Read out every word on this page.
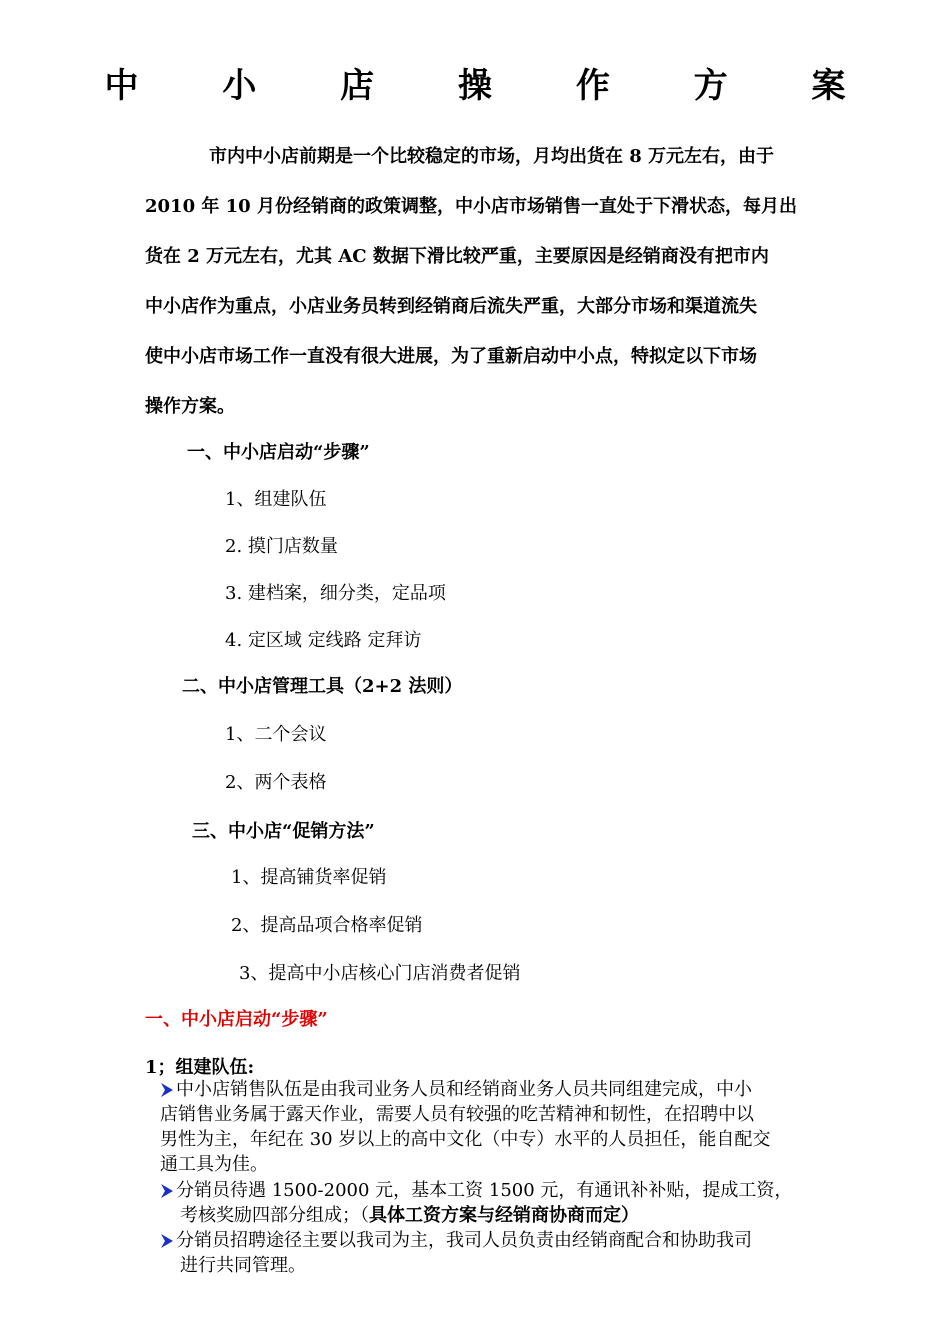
中 小 店 操 作 方 案
市内中小店前期是一个比较稳定的市场，月均出货在 8 万元左右，由于
2010 年 10 月份经销商的政策调整，中小店市场销售一直处于下滑状态，每月出
货在 2 万元左右，尤其 AC 数据下滑比较严重，主要原因是经销商没有把市内
中小店作为重点，小店业务员转到经销商后流失严重，大部分市场和渠道流失
使中小店市场工作一直没有很大进展，为了重新启动中小点，特拟定以下市场
操作方案。
一、中小店启动“步骤”
1、组建队伍
2. 摸门店数量
3. 建档案，细分类，定品项
4. 定区域 定线路 定拜访
二、中小店管理工具（2+2 法则）
1、二个会议
2、两个表格
三、中小店“促销方法”
1、提高铺货率促销
2、提高品项合格率促销
3、提高中小店核心门店消费者促销
一、中小店启动“步骤”
1；组建队伍:
中小店销售队伍是由我司业务人员和经销商业务人员共同组建完成，中小
店销售业务属于露天作业，需要人员有较强的吃苦精神和韧性，在招聘中以
男性为主，年纪在 30 岁以上的高中文化（中专）水平的人员担任，能自配交
通工具为佳。
分销员待遇 1500-2000 元，基本工资 1500 元，有通讯补补贴，提成工资，
考核奖励四部分组成；（具体工资方案与经销商协商而定）
分销员招聘途径主要以我司为主，我司人员负责由经销商配合和协助我司
进行共同管理。
